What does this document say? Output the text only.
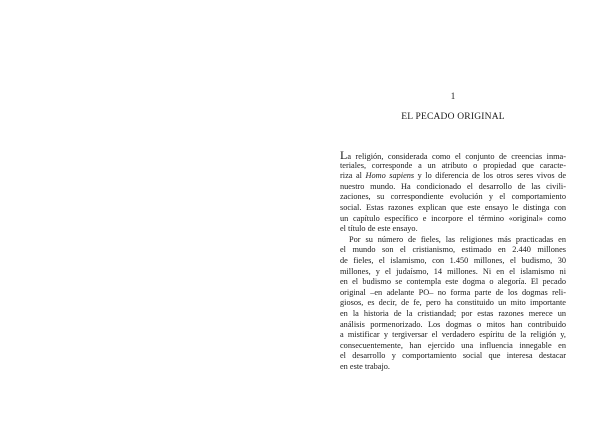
1
EL PECADO ORIGINAL
La religión, considerada como el conjunto de creencias inma-
teriales, corresponde a un atributo o propiedad que caracte-
riza al Homo sapiens y lo diferencia de los otros seres vivos de
nuestro mundo. Ha condicionado el desarrollo de las civili-
zaciones, su correspondiente evolución y el comportamiento
social. Estas razones explican que este ensayo le distinga con
un capítulo específico e incorpore el término «original» como
el título de este ensayo.
Por su número de fieles, las religiones más practicadas en
el mundo son el cristianismo, estimado en 2.440 millones
de fieles, el islamismo, con 1.450 millones, el budismo, 30
millones, y el judaísmo, 14 millones. Ni en el islamismo ni
en el budismo se contempla este dogma o alegoría. El pecado
original –en adelante PO– no forma parte de los dogmas reli-
giosos, es decir, de fe, pero ha constituido un mito importante
en la historia de la cristiandad; por estas razones merece un
análisis pormenorizado. Los dogmas o mitos han contribuido
a mistificar y tergiversar el verdadero espíritu de la religión y,
consecuentemente, han ejercido una influencia innegable en
el desarrollo y comportamiento social que interesa destacar
en este trabajo.
